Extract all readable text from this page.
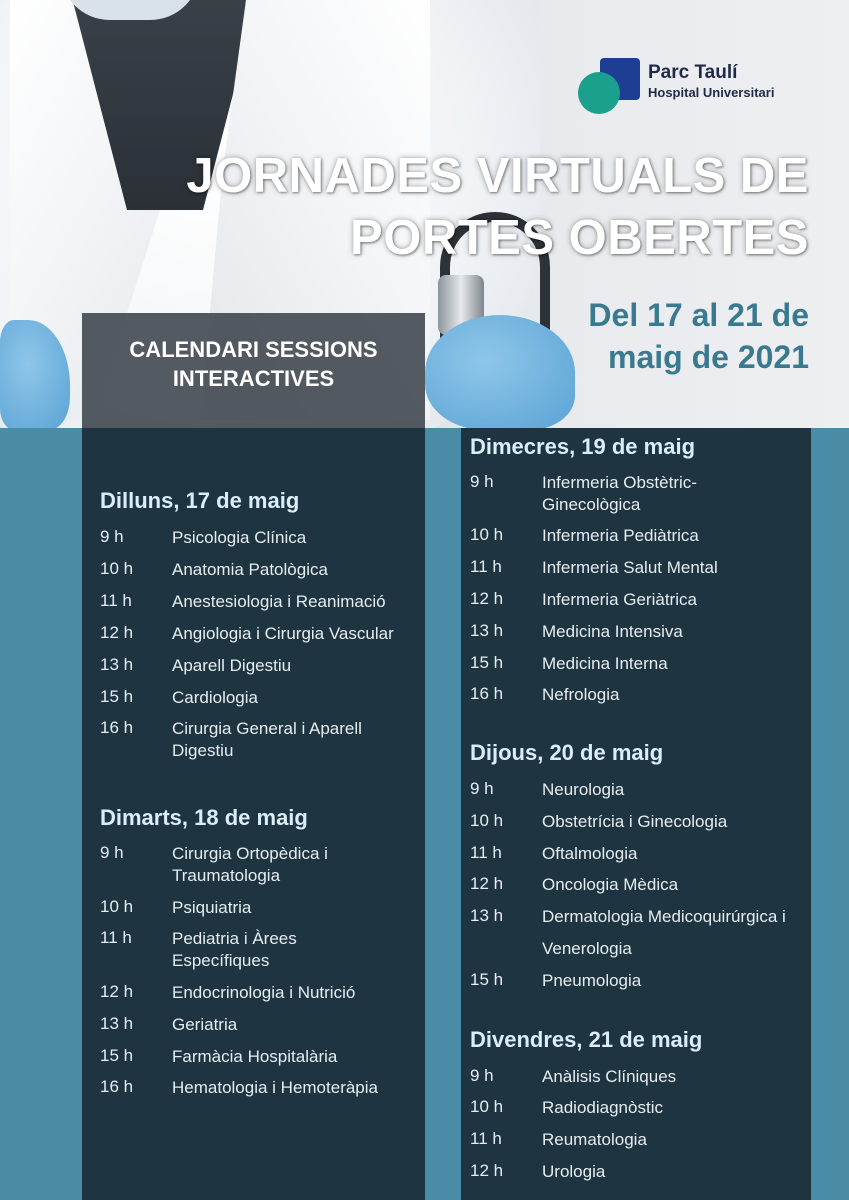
Parc Taulí
Hospital Universitari
JORNADES VIRTUALS DE
PORTES OBERTES
Del 17 al 21 de
maig de 2021
CALENDARI SESSIONS
INTERACTIVES
Dilluns, 17 de maig
9 h	Psicologia Clínica
10 h	Anatomia Patològica
11 h	Anestesiologia i Reanimació
12 h	Angiologia i Cirurgia Vascular
13 h	Aparell Digestiu
15 h	Cardiologia
16 h	Cirurgia General i Aparell Digestiu
Dimarts, 18 de maig
9 h	Cirurgia Ortopèdica i Traumatologia
10 h	Psiquiatria
11 h	Pediatria i Àrees Específiques
12 h	Endocrinologia i Nutrició
13 h	Geriatria
15 h	Farmàcia Hospitalària
16 h	Hematologia i Hemoteràpia
Dimecres, 19 de maig
9 h	Infermeria Obstètric-Ginecològica
10 h	Infermeria Pediàtrica
11 h	Infermeria Salut Mental
12 h	Infermeria Geriàtrica
13 h	Medicina Intensiva
15 h	Medicina Interna
16 h	Nefrologia
Dijous, 20 de maig
9 h	Neurologia
10 h	Obstetrícia i Ginecologia
11 h	Oftalmologia
12 h	Oncologia Mèdica
13 h	Dermatologia Medicoquirúrgica i Venerologia
15 h	Pneumologia
Divendres, 21 de maig
9 h	Anàlisis Clíniques
10 h	Radiodiagnòstic
11 h	Reumatologia
12 h	Urologia
